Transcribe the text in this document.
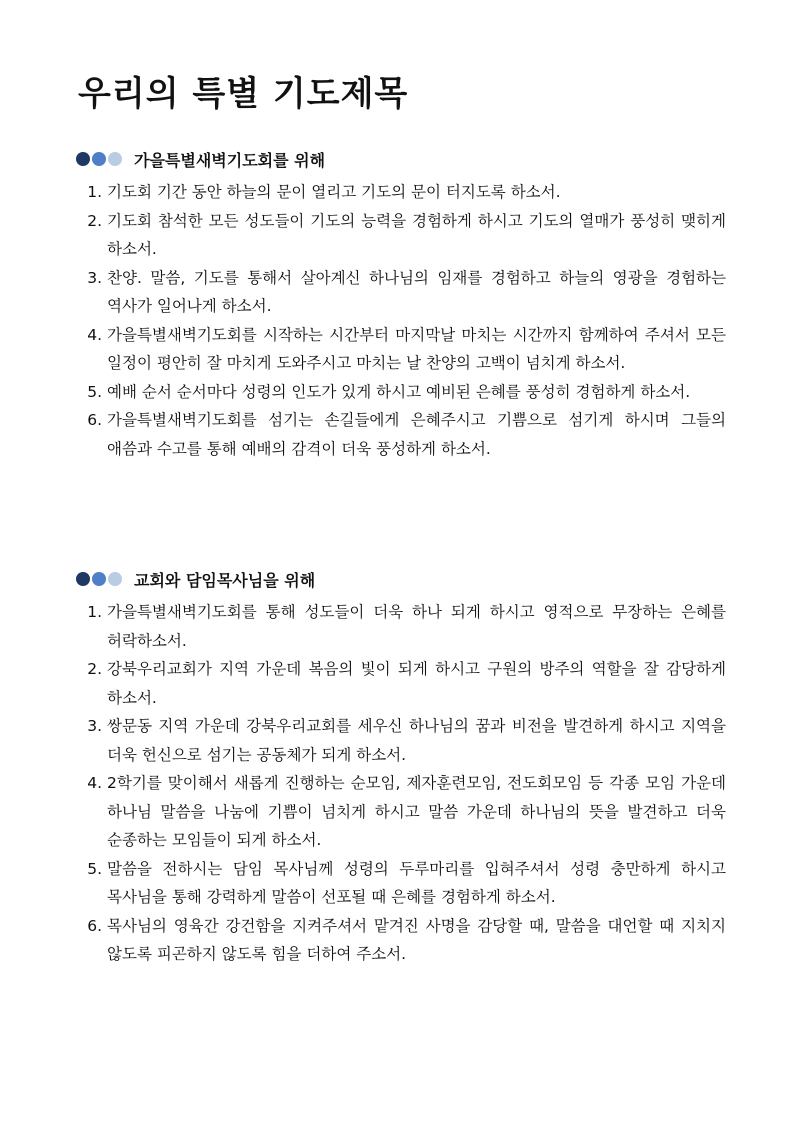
우리의 특별 기도제목
가을특별새벽기도회를 위해
1. 기도회 기간 동안 하늘의 문이 열리고 기도의 문이 터지도록 하소서.
2. 기도회 참석한 모든 성도들이 기도의 능력을 경험하게 하시고 기도의 열매가 풍성히 맺히게 하소서.
3. 찬양. 말씀, 기도를 통해서 살아계신 하나님의 임재를 경험하고 하늘의 영광을 경험하는 역사가 일어나게 하소서.
4. 가을특별새벽기도회를 시작하는 시간부터 마지막날 마치는 시간까지 함께하여 주셔서 모든 일정이 평안히 잘 마치게 도와주시고 마치는 날 찬양의 고백이 넘치게 하소서.
5. 예배 순서 순서마다 성령의 인도가 있게 하시고 예비된 은혜를 풍성히 경험하게 하소서.
6. 가을특별새벽기도회를 섬기는 손길들에게 은혜주시고 기쁨으로 섬기게 하시며 그들의 애씀과 수고를 통해 예배의 감격이 더욱 풍성하게 하소서.
교회와 담임목사님을 위해
1. 가을특별새벽기도회를 통해 성도들이 더욱 하나 되게 하시고 영적으로 무장하는 은혜를 허락하소서.
2. 강북우리교회가 지역 가운데 복음의 빛이 되게 하시고 구원의 방주의 역할을 잘 감당하게 하소서.
3. 쌍문동 지역 가운데 강북우리교회를 세우신 하나님의 꿈과 비전을 발견하게 하시고 지역을 더욱 헌신으로 섬기는 공동체가 되게 하소서.
4. 2학기를 맞이해서 새롭게 진행하는 순모임, 제자훈련모임, 전도회모임 등 각종 모임 가운데 하나님 말씀을 나눔에 기쁨이 넘치게 하시고 말씀 가운데 하나님의 뜻을 발견하고 더욱 순종하는 모임들이 되게 하소서.
5. 말씀을 전하시는 담임 목사님께 성령의 두루마리를 입혀주셔서 성령 충만하게 하시고 목사님을 통해 강력하게 말씀이 선포될 때 은혜를 경험하게 하소서.
6. 목사님의 영육간 강건함을 지켜주셔서 맡겨진 사명을 감당할 때, 말씀을 대언할 때 지치지 않도록 피곤하지 않도록 힘을 더하여 주소서.
